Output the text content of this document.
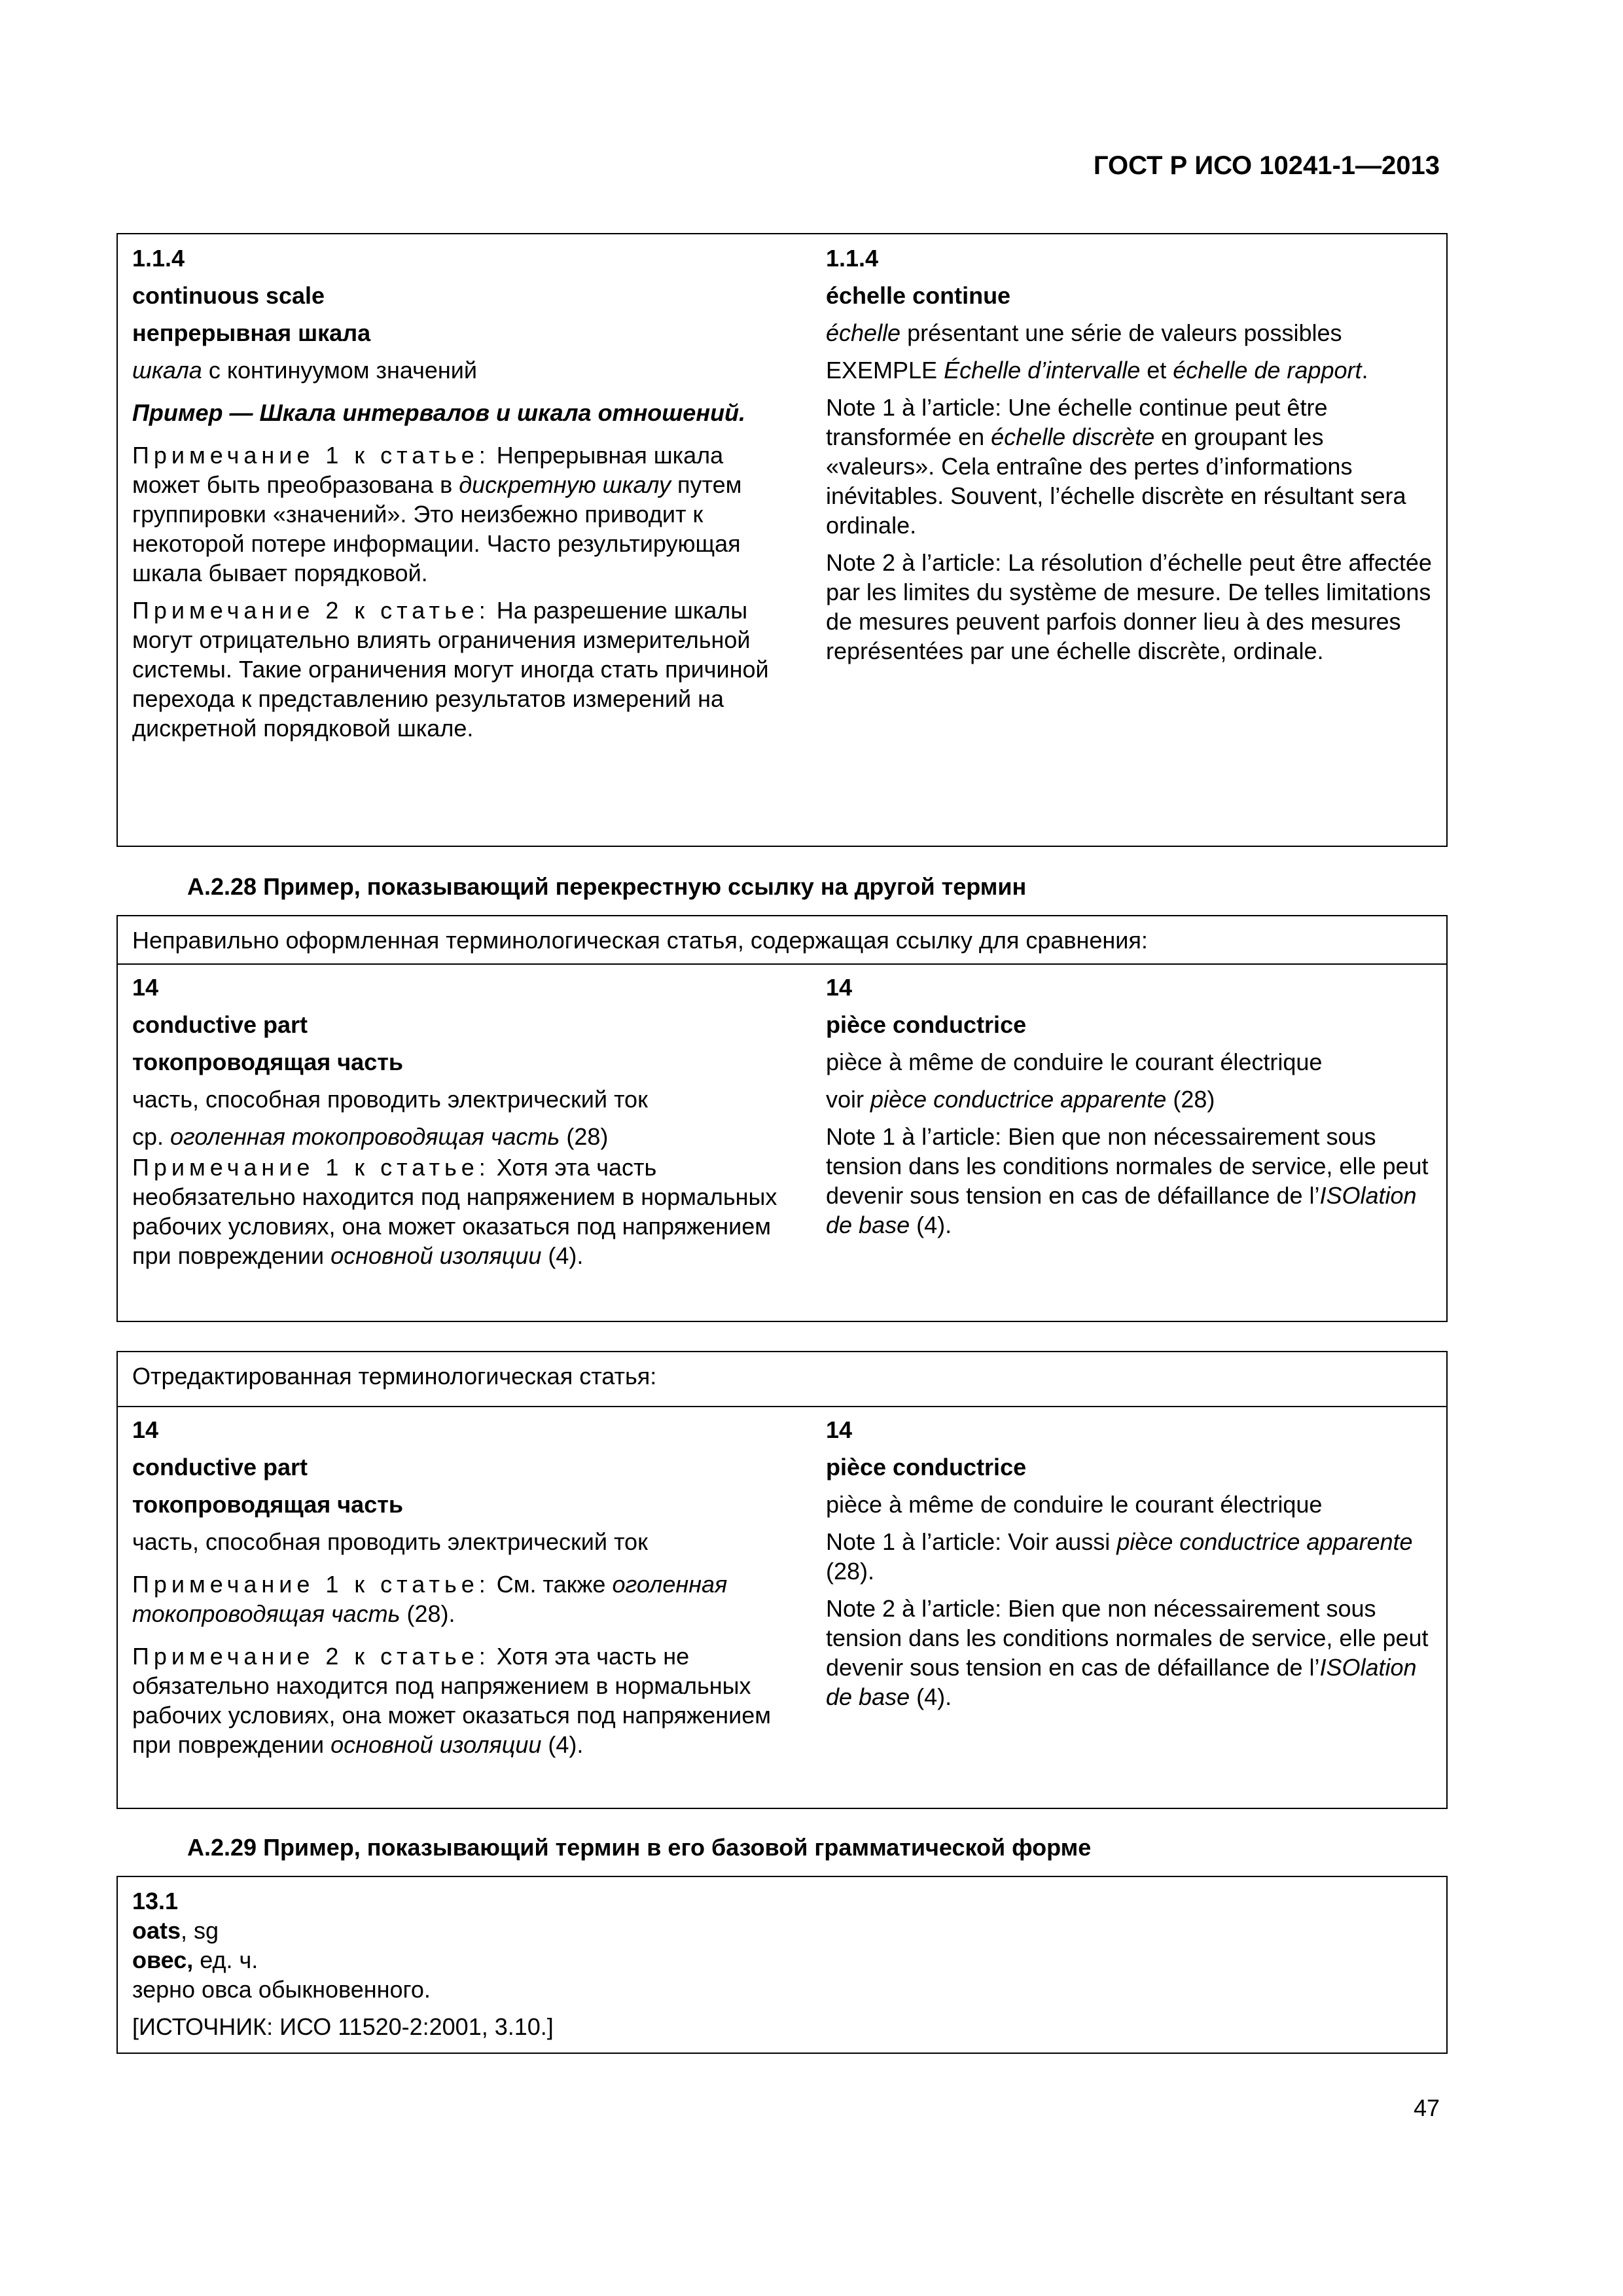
ГОСТ Р ИСО 10241-1—2013

1.1.4

continuous scale

непрерывная шкала

шкала с континуумом значений

Пример — Шкала интервалов и шкала отношений.

Примечание 1 к статье: Непрерывная шкала может быть преобразована в дискретную шкалу путем группировки «значений». Это неизбежно приводит к некоторой потере информации. Часто результирующая шкала бывает порядковой.

Примечание 2 к статье: На разрешение шкалы могут отрицательно влиять ограничения измерительной системы. Такие ограничения могут иногда стать причиной перехода к представлению результатов измерений на дискретной порядковой шкале.

1.1.4

échelle continue

échelle présentant une série de valeurs possibles

EXEMPLE Échelle d’intervalle et échelle de rapport.

Note 1 à l’article: Une échelle continue peut être transformée en échelle discrète en groupant les «valeurs». Cela entraîne des pertes d’informations inévitables. Souvent, l’échelle discrète en résultant sera ordinale.

Note 2 à l’article: La résolution d’échelle peut être affectée par les limites du système de mesure. De telles limitations de mesures peuvent parfois donner lieu à des mesures représentées par une échelle discrète, ordinale.

A.2.28 Пример, показывающий перекрестную ссылку на другой термин
Неправильно оформленная терминологическая статья, содержащая ссылку для сравнения:

14

conductive part

токопроводящая часть

часть, способная проводить электрический ток

ср. оголенная токопроводящая часть (28)

Примечание 1 к статье: Хотя эта часть необязательно находится под напряжением в нормальных рабочих условиях, она может оказаться под напряжением при повреждении основной изоляции (4).

14

pièce conductrice

pièce à même de conduire le courant électrique

voir pièce conductrice apparente (28)

Note 1 à l’article: Bien que non nécessairement sous tension dans les conditions normales de service, elle peut devenir sous tension en cas de défaillance de l’ISOlation de base (4).

Отредактированная терминологическая статья:

14

conductive part

токопроводящая часть

часть, способная проводить электрический ток

Примечание 1 к статье: См. также оголенная токопроводящая часть (28).

Примечание 2 к статье: Хотя эта часть не обязательно находится под напряжением в нормальных рабочих условиях, она может оказаться под напряжением при повреждении основной изоляции (4).

14

pièce conductrice

pièce à même de conduire le courant électrique

Note 1 à l’article: Voir aussi pièce conductrice apparente (28).

Note 2 à l’article: Bien que non nécessairement sous tension dans les conditions normales de service, elle peut devenir sous tension en cas de défaillance de l’ISOlation de base (4).

A.2.29 Пример, показывающий термин в его базовой грамматической форме

13.1

oats, sg

овес, ед. ч.

зерно овса обыкновенного.

[ИСТОЧНИК: ИСО 11520-2:2001, 3.10.]

47
